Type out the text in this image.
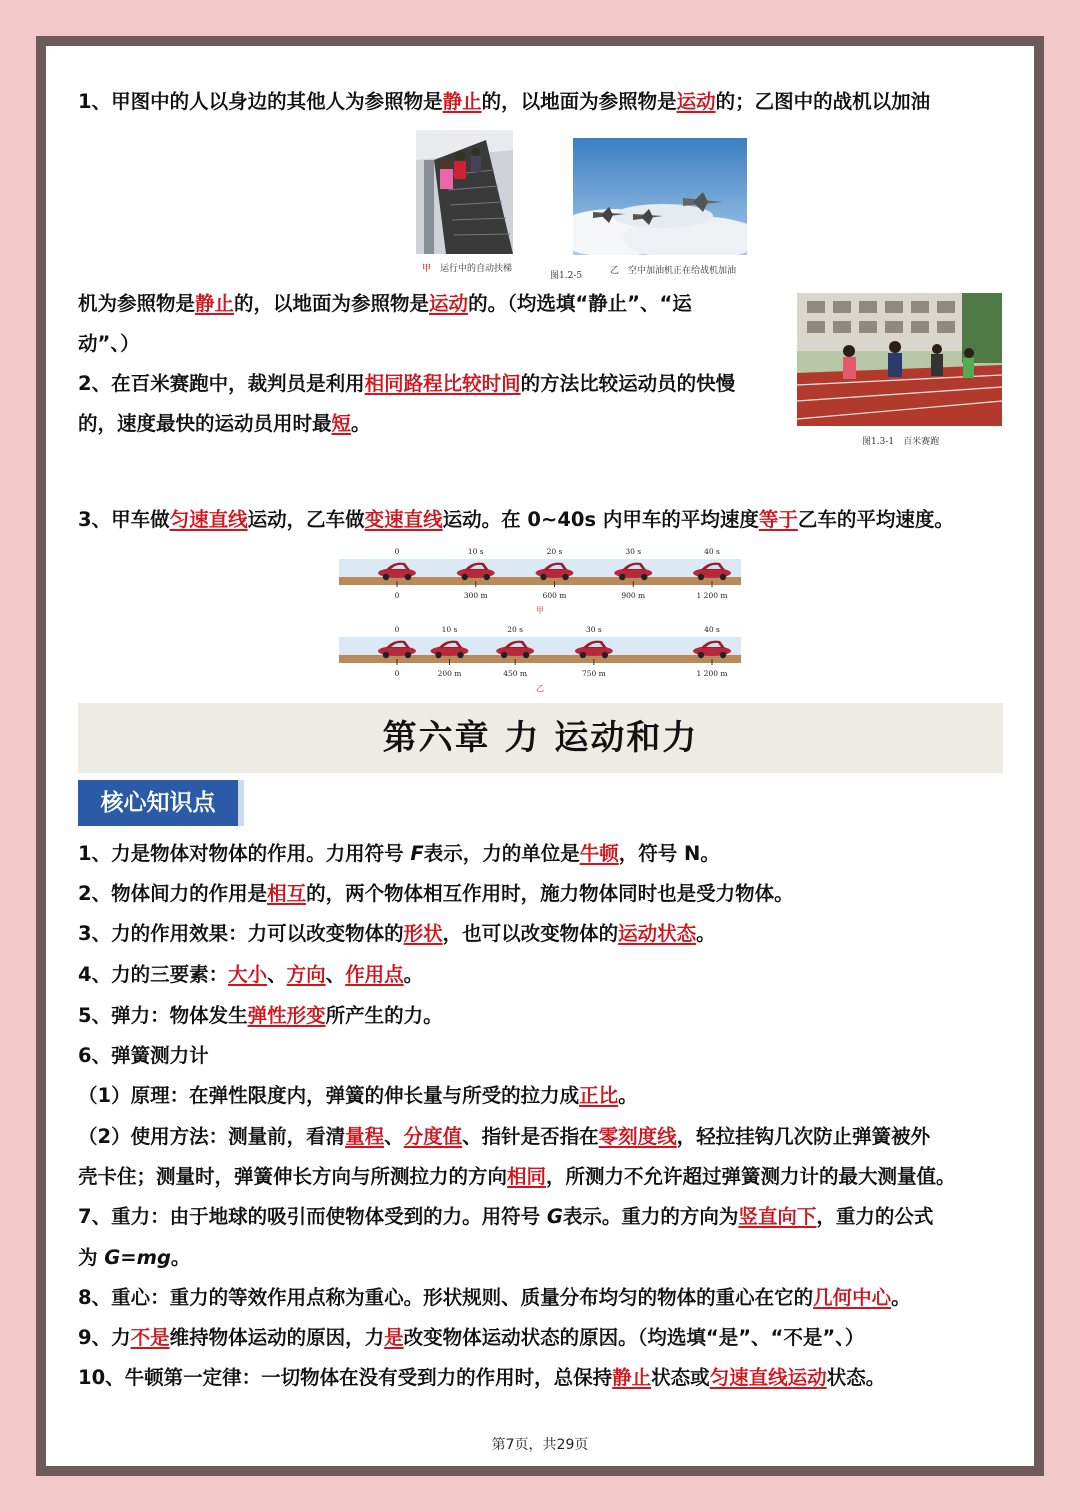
1、甲图中的人以身边的其他人为参照物是静止的，以地面为参照物是运动的；乙图中的战机以加油
甲　 运行中的自动扶梯
图1.2-5	乙　 空中加油机正在给战机加油
机为参照物是静止的，以地面为参照物是运动的。（均选填“静止”、“运
动”、）
图1.3-1　百米赛跑
2、在百米赛跑中，裁判员是利用相同路程比较时间的方法比较运动员的快慢
的，速度最快的运动员用时最短。
3、甲车做匀速直线运动，乙车做变速直线运动。在 0~40s 内甲车的平均速度等于乙车的平均速度。
0
0
10 s
300 m
20 s
600 m
30 s
900 m
40 s
1 200 m
甲
0
0
10 s
200 m
20 s
450 m
30 s
750 m
40 s
1 200 m
乙
第六章 力 运动和力
核心知识点
1、力是物体对物体的作用。力用符号 F表示，力的单位是牛顿，符号 N。
2、物体间力的作用是相互的，两个物体相互作用时，施力物体同时也是受力物体。
3、力的作用效果：力可以改变物体的形状，也可以改变物体的运动状态。
4、力的三要素：大小、方向、作用点。
5、弹力：物体发生弹性形变所产生的力。
6、弹簧测力计
（1）原理：在弹性限度内，弹簧的伸长量与所受的拉力成正比。
（2）使用方法：测量前，看清量程、分度值、指针是否指在零刻度线，轻拉挂钩几次防止弹簧被外
壳卡住；测量时，弹簧伸长方向与所测拉力的方向相同，所测力不允许超过弹簧测力计的最大测量值。
7、重力：由于地球的吸引而使物体受到的力。用符号 G表示。重力的方向为竖直向下，重力的公式
为 G=mg。
8、重心：重力的等效作用点称为重心。形状规则、质量分布均匀的物体的重心在它的几何中心。
9、力不是维持物体运动的原因，力是改变物体运动状态的原因。（均选填“是”、“不是”、）
10、牛顿第一定律：一切物体在没有受到力的作用时，总保持静止状态或匀速直线运动状态。
第7页，共29页
